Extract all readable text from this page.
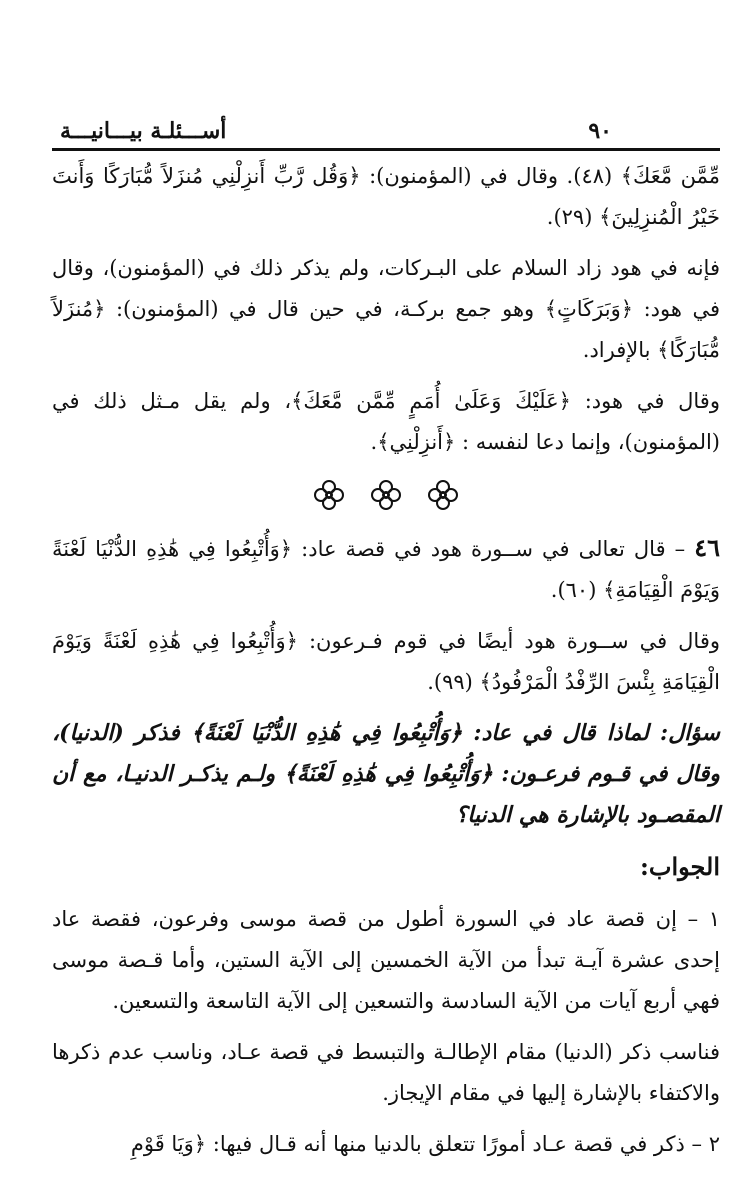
٩٠
أســـئلـة بيـــانيـــة

مِّمَّن مَّعَكَ﴾ (٤٨). وقال في (المؤمنون): ﴿وَقُل رَّبِّ أَنزِلْنِي مُنزَلاً مُّبَارَكًا وَأَنتَ خَيْرُ الْمُنزِلِينَ﴾ (٢٩).

فإنه في هود زاد السلام على البـركات، ولم يذكر ذلك في (المؤمنون)، وقال في هود: ﴿وَبَرَكَاتٍ﴾ وهو جمع بركـة، في حين قال في (المؤمنون): ﴿مُنزَلاً مُّبَارَكًا﴾ بالإفراد.

وقال في هود: ﴿عَلَيْكَ وَعَلَىٰ أُمَمٍ مِّمَّن مَّعَكَ﴾، ولم يقل مـثل ذلك في (المؤمنون)، وإنما دعا لنفسه : ﴿أَنزِلْنِي﴾.

٤٦ – قال تعالى في ســورة هود في قصة عاد: ﴿وَأُتْبِعُوا فِي هَٰذِهِ الدُّنْيَا لَعْنَةً وَيَوْمَ الْقِيَامَةِ﴾ (٦٠).

وقال في ســورة هود أيضًا في قوم فـرعون: ﴿وَأُتْبِعُوا فِي هَٰذِهِ لَعْنَةً وَيَوْمَ الْقِيَامَةِ بِئْسَ الرِّفْدُ الْمَرْفُودُ﴾ (٩٩).

سؤال: لماذا قال في عاد: ﴿وَأُتْبِعُوا فِي هَٰذِهِ الدُّنْيَا لَعْنَةً﴾ فذكر (الدنيا)، وقال في قـوم فرعـون: ﴿وَأُتْبِعُوا فِي هَٰذِهِ لَعْنَةً﴾ ولـم يذكـر الدنيـا، مع أن المقصـود بالإشارة هي الدنيا؟

الجواب:

١ – إن قصة عاد في السورة أطول من قصة موسى وفرعون، فقصة عاد إحدى عشرة آيـة تبدأ من الآية الخمسين إلى الآية الستين، وأما قـصة موسى فهي أربع آيات من الآية السادسة والتسعين إلى الآية التاسعة والتسعين.

فناسب ذكر (الدنيا) مقام الإطالـة والتبسط في قصة عـاد، وناسب عدم ذكرها والاكتفاء بالإشارة إليها في مقام الإيجاز.

٢ – ذكر في قصة عـاد أمورًا تتعلق بالدنيا منها أنه قـال فيها: ﴿وَيَا قَوْمِ
